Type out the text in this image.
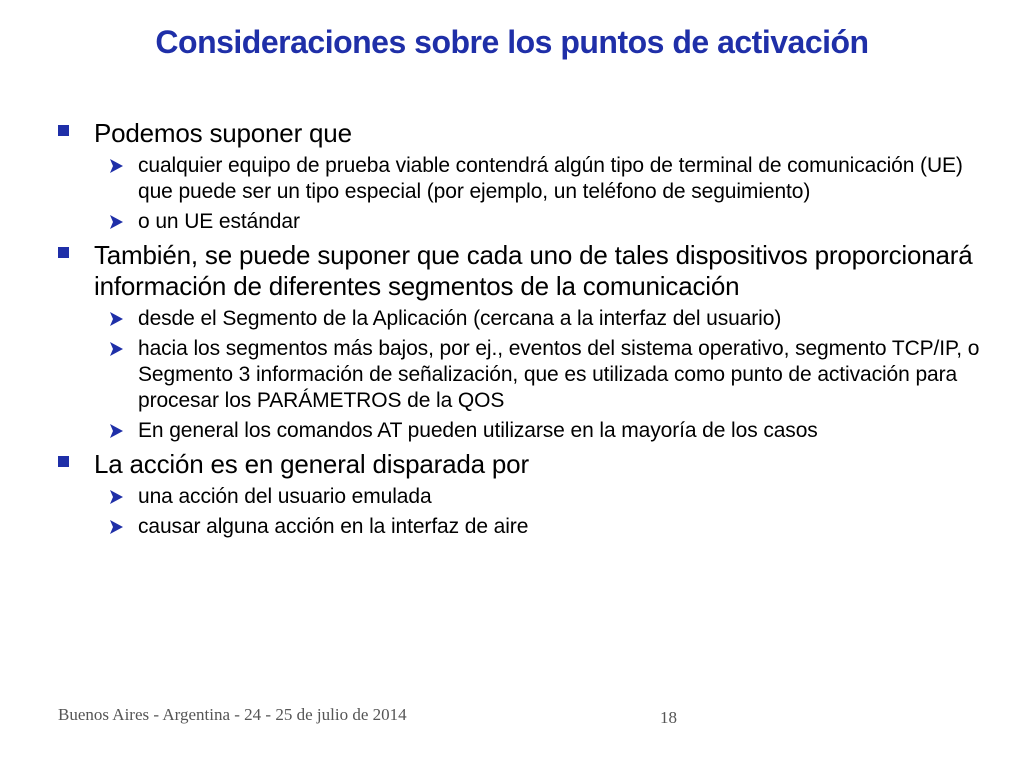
Consideraciones sobre los puntos de activación
Podemos suponer que
cualquier equipo de prueba viable contendrá algún tipo de terminal de comunicación (UE) que puede ser un tipo especial (por ejemplo, un teléfono de seguimiento)
o un UE estándar
También, se puede suponer que cada uno de tales dispositivos proporcionará información de diferentes segmentos de la comunicación
desde el Segmento de la Aplicación (cercana a la interfaz del usuario)
hacia los segmentos más bajos, por ej., eventos del sistema operativo, segmento TCP/IP, o Segmento 3 información de señalización, que es utilizada como punto de activación para procesar los PARÁMETROS de la QOS
En general los comandos AT pueden utilizarse en la mayoría de los casos
La acción es en general disparada por
una acción del usuario emulada
causar alguna acción en la interfaz de aire
Buenos Aires - Argentina - 24 - 25 de julio de 2014	18
